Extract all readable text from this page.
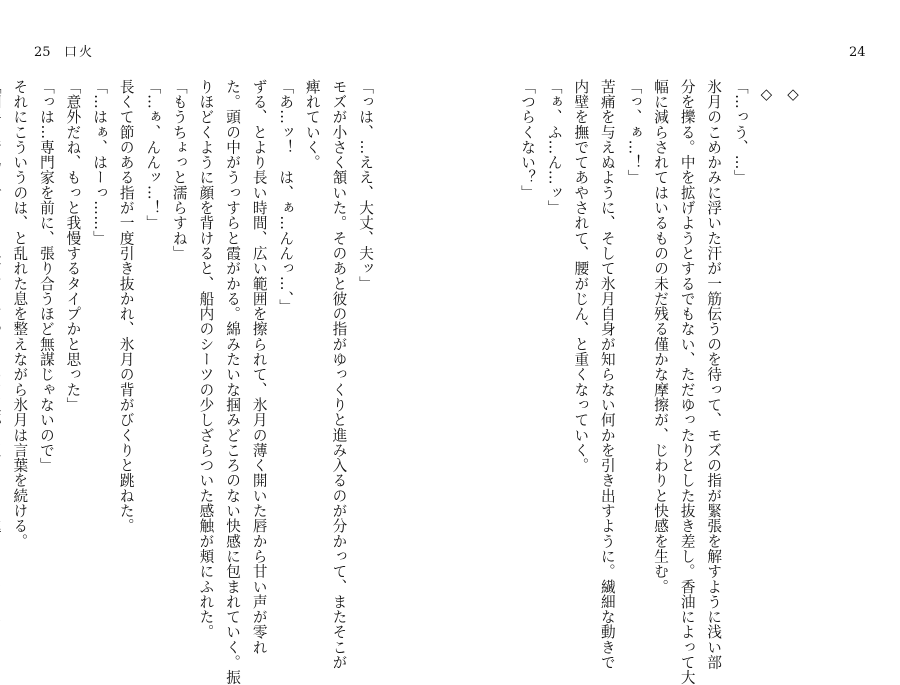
25 口火	24
◇
◇
「…っう、…」
氷月のこめかみに浮いた汗が一筋伝うのを待って、モズの指が緊張を解すように浅い部
分を擽る。中を拡げようとするでもない、ただゆったりとした抜き差し。香油によって大
幅に減らされてはいるものの未だ残る僅かな摩擦が、じわりと快感を生む。
「っ、ぁ…！」
苦痛を与えぬように、そして氷月自身が知らない何かを引き出すように。繊細な動きで
内壁を撫でてあやされて、腰がじん、と重くなっていく。
「ぁ、ふ…ん…ッ」
「つらくない？」
「っは、…ええ、大丈、夫ッ」
モズが小さく頷いた。そのあと彼の指がゆっくりと進み入るのが分かって、またそこが
痺れていく。
「あ…ッ！　は、ぁ…んんっ…、」
ずる、とより長い時間、広い範囲を擦られて、氷月の薄く開いた唇から甘い声が零れ
た。頭の中がうっすらと霞がかる。綿みたいな掴みどころのない快感に包まれていく。振
りほどくように顔を背けると、船内のシーツの少しざらついた感触が頬にふれた。
「もうちょっと濡らすね」
「…ぁ、んんッ…！」
長くて節のある指が一度引き抜かれ、氷月の背がびくりと跳ねた。
「…はぁ、はーっ……」
「意外だね、もっと我慢するタイプかと思った」
「っは…専門家を前に、張り合うほど無謀じゃないので」
それにこういうのは、と乱れた息を整えながら氷月は言葉を続ける。
